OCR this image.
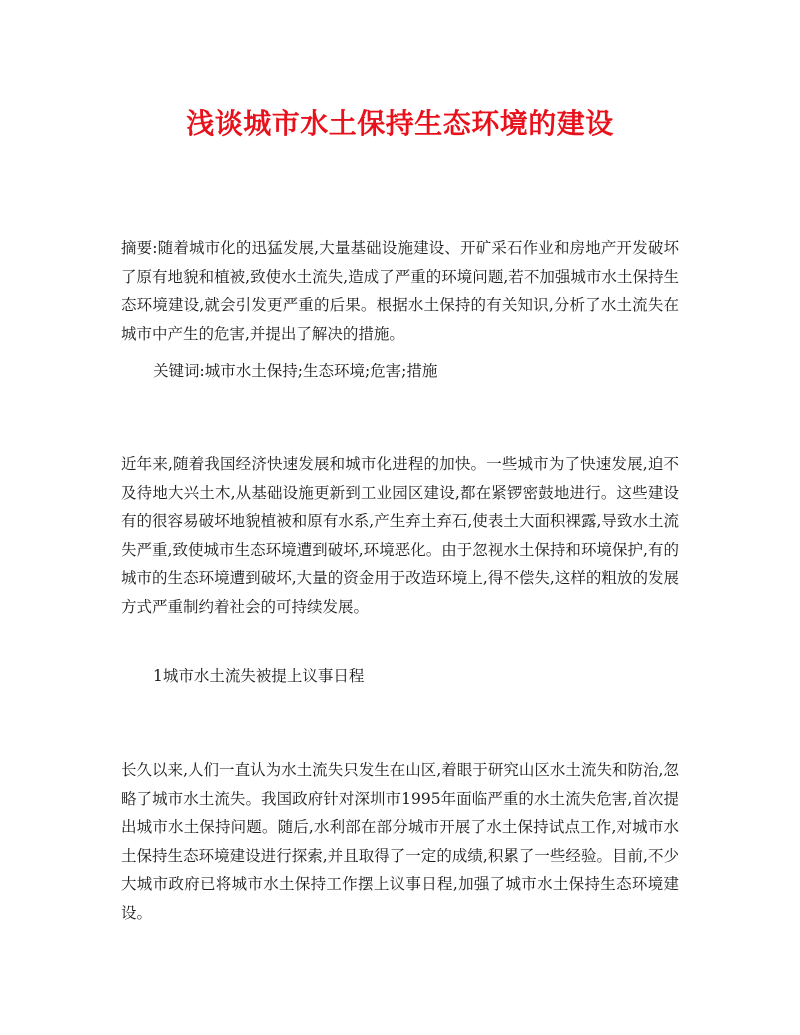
浅谈城市水土保持生态环境的建设
摘要:随着城市化的迅猛发展,大量基础设施建设、开矿采石作业和房地产开发破坏了原有地貌和植被,致使水土流失,造成了严重的环境问题,若不加强城市水土保持生态环境建设,就会引发更严重的后果。根据水土保持的有关知识,分析了水土流失在城市中产生的危害,并提出了解决的措施。
关键词:城市水土保持;生态环境;危害;措施
近年来,随着我国经济快速发展和城市化进程的加快。一些城市为了快速发展,迫不及待地大兴土木,从基础设施更新到工业园区建设,都在紧锣密鼓地进行。这些建设有的很容易破坏地貌植被和原有水系,产生弃土弃石,使表土大面积裸露,导致水土流失严重,致使城市生态环境遭到破坏,环境恶化。由于忽视水土保持和环境保护,有的城市的生态环境遭到破坏,大量的资金用于改造环境上,得不偿失,这样的粗放的发展方式严重制约着社会的可持续发展。
1城市水土流失被提上议事日程
长久以来,人们一直认为水土流失只发生在山区,着眼于研究山区水土流失和防治,忽略了城市水土流失。我国政府针对深圳市1995年面临严重的水土流失危害,首次提出城市水土保持问题。随后,水利部在部分城市开展了水土保持试点工作,对城市水土保持生态环境建设进行探索,并且取得了一定的成绩,积累了一些经验。目前,不少大城市政府已将城市水土保持工作摆上议事日程,加强了城市水土保持生态环境建设。
